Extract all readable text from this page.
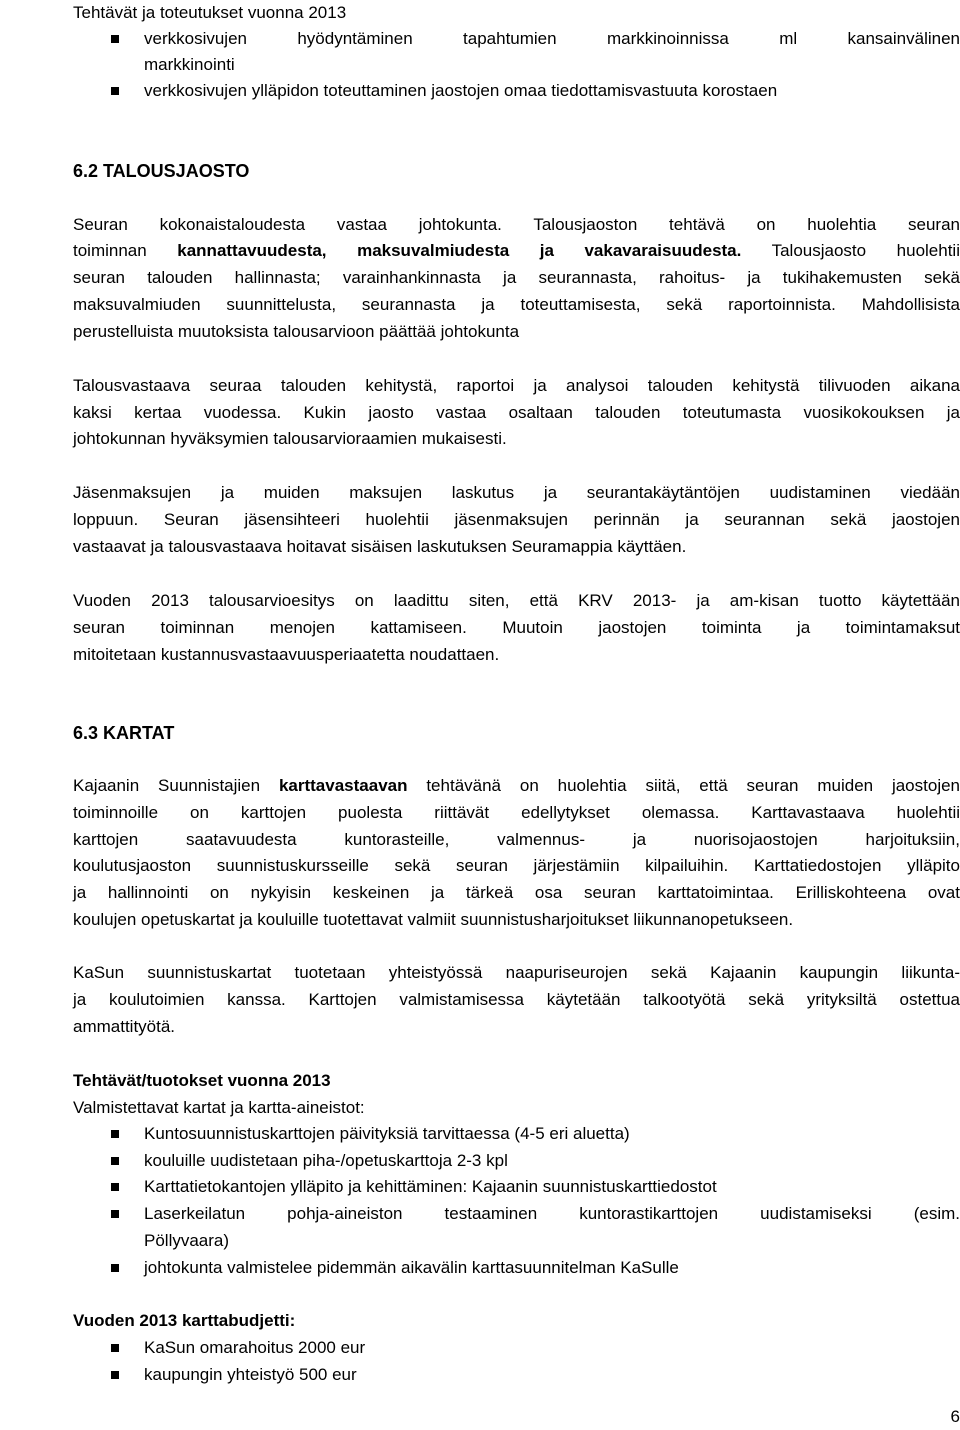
Tehtävät ja toteutukset vuonna 2013
verkkosivujen hyödyntäminen tapahtumien markkinoinnissa ml kansainvälinen
markkinointi
verkkosivujen ylläpidon toteuttaminen jaostojen omaa tiedottamisvastuuta korostaen
6.2 TALOUSJAOSTO
Seuran kokonaistaloudesta vastaa johtokunta. Talousjaoston tehtävä on huolehtia seuran
toiminnan kannattavuudesta, maksuvalmiudesta ja vakavaraisuudesta. Talousjaosto huolehtii
seuran talouden hallinnasta; varainhankinnasta ja seurannasta, rahoitus- ja tukihakemusten sekä
maksuvalmiuden suunnittelusta, seurannasta ja toteuttamisesta, sekä raportoinnista. Mahdollisista
perustelluista muutoksista talousarvioon päättää johtokunta
Talousvastaava seuraa talouden kehitystä, raportoi ja analysoi talouden kehitystä tilivuoden aikana
kaksi kertaa vuodessa. Kukin jaosto vastaa osaltaan talouden toteutumasta vuosikokouksen ja
johtokunnan hyväksymien talousarvioraamien mukaisesti.
Jäsenmaksujen ja muiden maksujen laskutus ja seurantakäytäntöjen uudistaminen viedään
loppuun. Seuran jäsensihteeri huolehtii jäsenmaksujen perinnän ja seurannan sekä jaostojen
vastaavat ja talousvastaava hoitavat sisäisen laskutuksen Seuramappia käyttäen.
Vuoden 2013 talousarvioesitys on laadittu siten, että KRV 2013- ja am-kisan tuotto käytettään
seuran toiminnan menojen kattamiseen. Muutoin jaostojen toiminta ja toimintamaksut
mitoitetaan kustannusvastaavuusperiaatetta noudattaen.
6.3 KARTAT
Kajaanin Suunnistajien karttavastaavan tehtävänä on huolehtia siitä, että seuran muiden jaostojen
toiminnoille on karttojen puolesta riittävät edellytykset olemassa. Karttavastaava huolehtii
karttojen saatavuudesta kuntorasteille, valmennus- ja nuorisojaostojen harjoituksiin,
koulutusjaoston suunnistuskursseille sekä seuran järjestämiin kilpailuihin. Karttatiedostojen ylläpito
ja hallinnointi on nykyisin keskeinen ja tärkeä osa seuran karttatoimintaa. Erilliskohteena ovat
koulujen opetuskartat ja kouluille tuotettavat valmiit suunnistusharjoitukset liikunnanopetukseen.
KaSun suunnistuskartat tuotetaan yhteistyössä naapuriseurojen sekä Kajaanin kaupungin liikunta-
ja koulutoimien kanssa. Karttojen valmistamisessa käytetään talkootyötä sekä yrityksiltä ostettua
ammattityötä.
Tehtävät/tuotokset vuonna 2013
Valmistettavat kartat ja kartta-aineistot:
Kuntosuunnistuskarttojen päivityksiä tarvittaessa (4-5 eri aluetta)
kouluille uudistetaan piha-/opetuskarttoja 2-3 kpl
Karttatietokantojen ylläpito ja kehittäminen: Kajaanin suunnistuskarttiedostot
Laserkeilatun pohja-aineiston testaaminen kuntorastikarttojen uudistamiseksi (esim.
Pöllyvaara)
johtokunta valmistelee pidemmän aikavälin karttasuunnitelman KaSulle
Vuoden 2013 karttabudjetti:
KaSun omarahoitus 2000 eur
kaupungin yhteistyö 500 eur
6
